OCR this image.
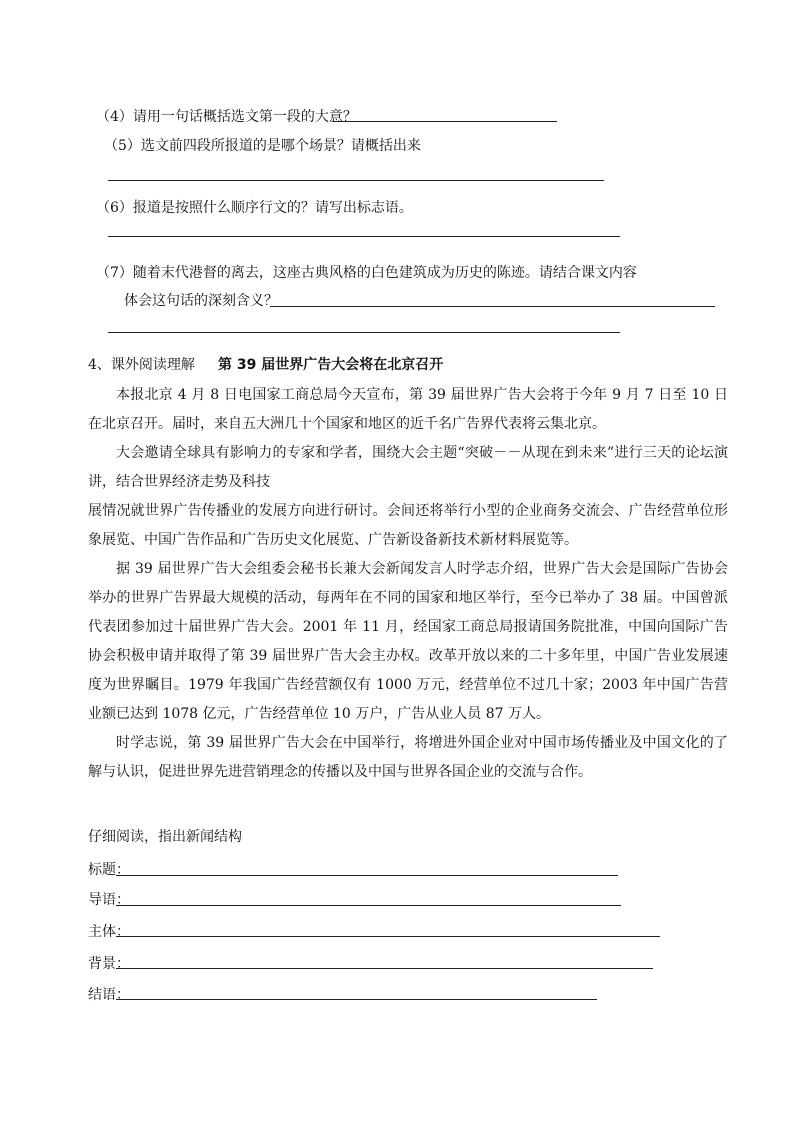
（4）请用一句话概括选文第一段的大意？
（5）选文前四段所报道的是哪个场景？请概括出来
（6）报道是按照什么顺序行文的？请写出标志语。
（7）随着末代港督的离去，这座古典风格的白色建筑成为历史的陈迹。请结合课文内容
体会这句话的深刻含义？
4、课外阅读理解 第 39 届世界广告大会将在北京召开

本报北京 4 月 8 日电国家工商总局今天宣布，第 39 届世界广告大会将于今年 9 月 7 日至 10 日在北京召开。届时，来自五大洲几十个国家和地区的近千名广告界代表将云集北京。

大会邀请全球具有影响力的专家和学者，围绕大会主题“突破－－从现在到未来”进行三天的论坛演讲，结合世界经济走势及科技

展情况就世界广告传播业的发展方向进行研讨。会间还将举行小型的企业商务交流会、广告经营单位形象展览、中国广告作品和广告历史文化展览、广告新设备新技术新材料展览等。

据 39 届世界广告大会组委会秘书长兼大会新闻发言人时学志介绍，世界广告大会是国际广告协会举办的世界广告界最大规模的活动，每两年在不同的国家和地区举行，至今已举办了 38 届。中国曾派代表团参加过十届世界广告大会。2001 年 11 月，经国家工商总局报请国务院批准，中国向国际广告协会积极申请并取得了第 39 届世界广告大会主办权。改革开放以来的二十多年里，中国广告业发展速度为世界瞩目。1979 年我国广告经营额仅有 1000 万元，经营单位不过几十家；2003 年中国广告营业额已达到 1078 亿元，广告经营单位 10 万户，广告从业人员 87 万人。

时学志说，第 39 届世界广告大会在中国举行，将增进外国企业对中国市场传播业及中国文化的了解与认识，促进世界先进营销理念的传播以及中国与世界各国企业的交流与合作。

仔细阅读，指出新闻结构
标题：
导语：
主体：
背景：
结语：
